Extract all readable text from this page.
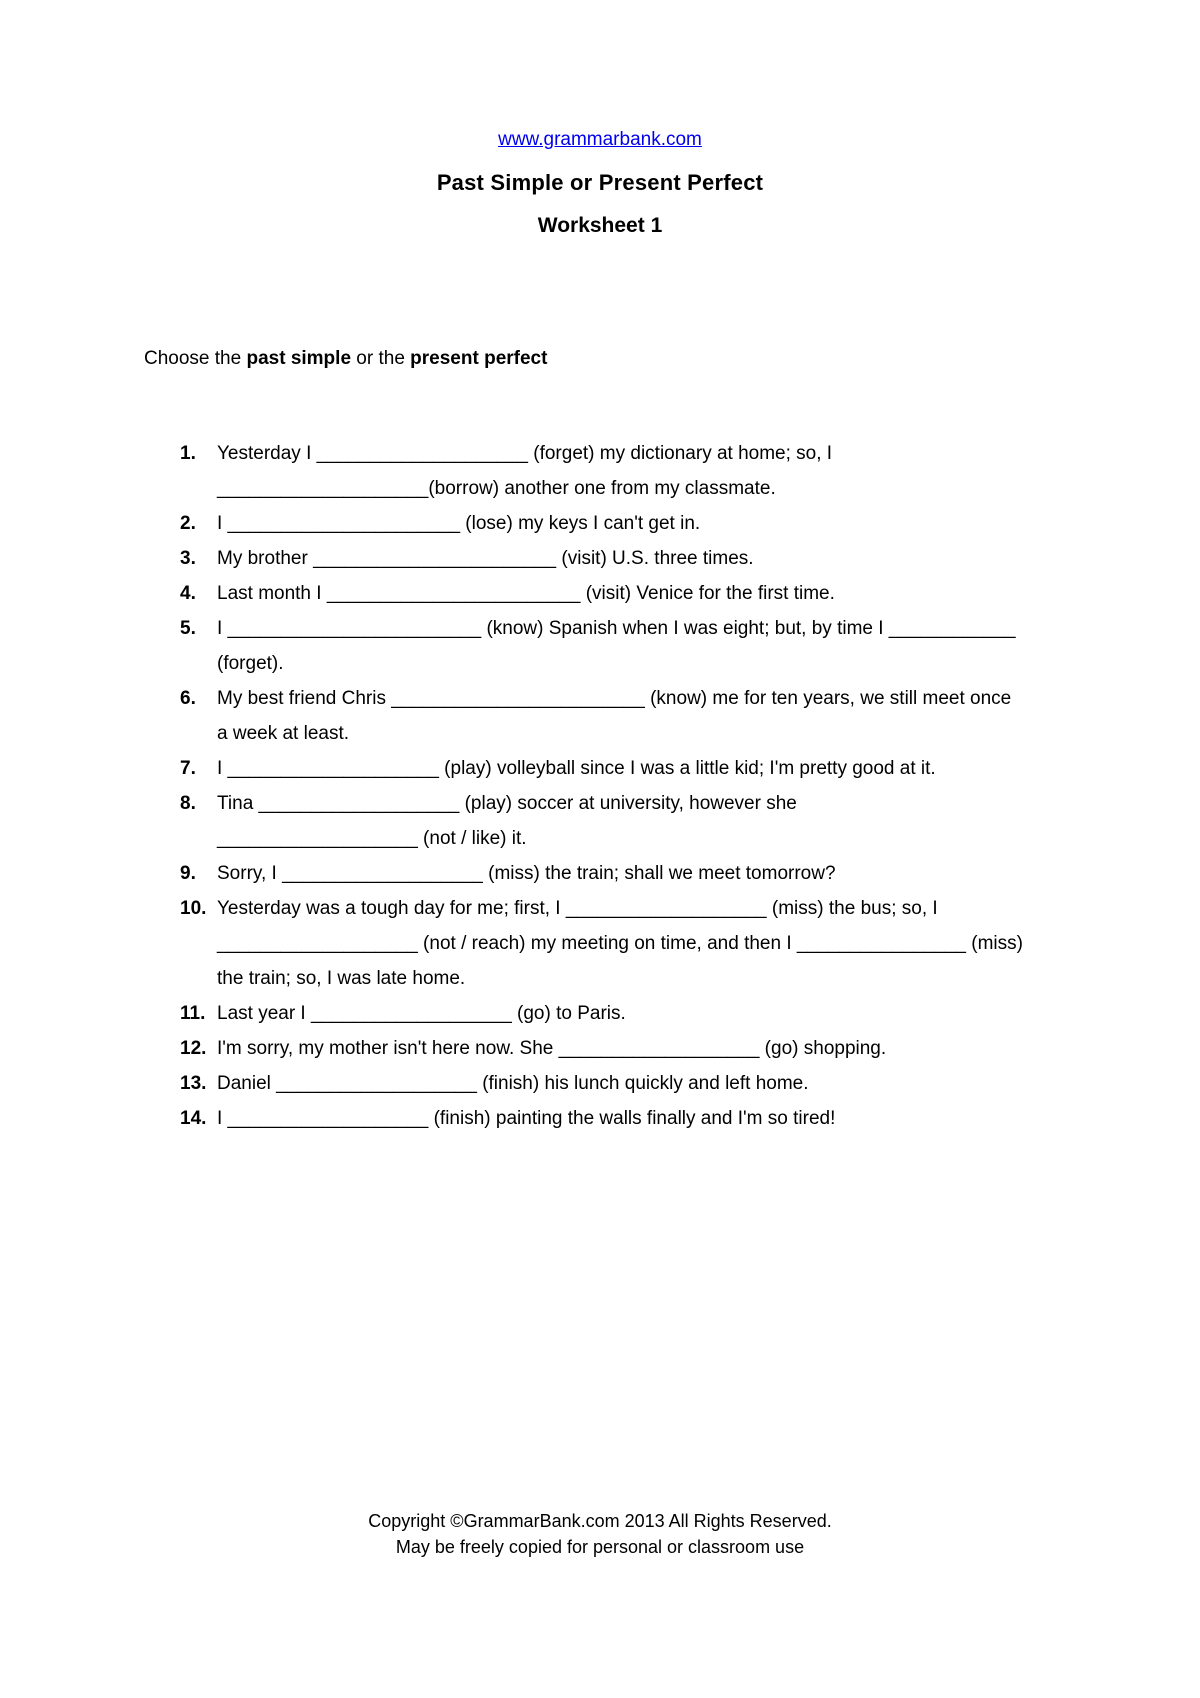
www.grammarbank.com
Past Simple or Present Perfect
Worksheet 1
Choose the past simple or the present perfect
1.	Yesterday I ____________________ (forget) my dictionary at home; so, I
____________________(borrow) another one from my classmate.
2.	I ______________________ (lose) my keys I can't get in.
3.	My brother _______________________ (visit) U.S. three times.
4.	Last month I ________________________ (visit) Venice for the first time.
5.	I ________________________ (know) Spanish when I was eight; but, by time I ____________
(forget).
6.	My best friend Chris ________________________ (know) me for ten years, we still meet once
a week at least.
7.	I ____________________ (play) volleyball since I was a little kid; I'm pretty good at it.
8.	Tina ___________________ (play) soccer at university, however she
___________________ (not / like) it.
9.	Sorry, I ___________________ (miss) the train; shall we meet tomorrow?
10. Yesterday was a tough day for me; first, I ___________________ (miss) the bus; so, I
___________________ (not / reach) my meeting on time, and then I ________________ (miss)
the train; so, I was late home.
11. Last year I ___________________ (go) to Paris.
12. I'm sorry, my mother isn't here now. She ___________________ (go) shopping.
13. Daniel ___________________ (finish) his lunch quickly and left home.
14. I ___________________ (finish) painting the walls finally and I'm so tired!
Copyright ©GrammarBank.com 2013 All Rights Reserved.
May be freely copied for personal or classroom use
